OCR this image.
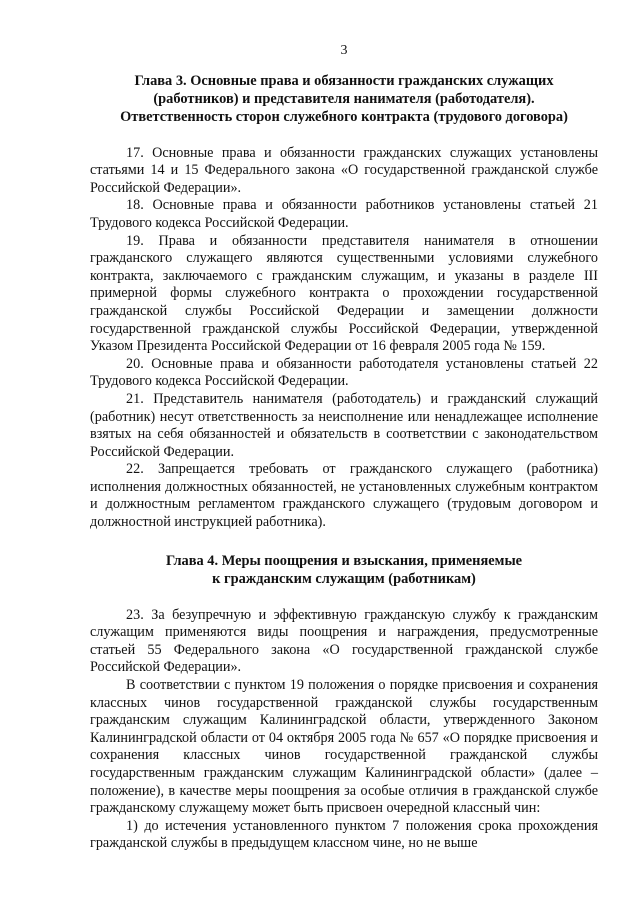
3
Глава 3. Основные права и обязанности гражданских служащих
(работников) и представителя нанимателя (работодателя).
Ответственность сторон служебного контракта (трудового договора)

17. Основные права и обязанности гражданских служащих установлены статьями 14 и 15 Федерального закона «О государственной гражданской службе Российской Федерации».

18. Основные права и обязанности работников установлены статьей 21 Трудового кодекса Российской Федерации.

19. Права и обязанности представителя нанимателя в отношении гражданского служащего являются существенными условиями служебного контракта, заключаемого с гражданским служащим, и указаны в разделе III примерной формы служебного контракта о прохождении государственной гражданской службы Российской Федерации и замещении должности государственной гражданской службы Российской Федерации, утвержденной Указом Президента Российской Федерации от 16 февраля 2005 года № 159.

20. Основные права и обязанности работодателя установлены статьей 22 Трудового кодекса Российской Федерации.

21. Представитель нанимателя (работодатель) и гражданский служащий (работник) несут ответственность за неисполнение или ненадлежащее исполнение взятых на себя обязанностей и обязательств в соответствии с законодательством Российской Федерации.

22. Запрещается требовать от гражданского служащего (работника) исполнения должностных обязанностей, не установленных служебным контрактом и должностным регламентом гражданского служащего (трудовым договором и должностной инструкцией работника).

Глава 4. Меры поощрения и взыскания, применяемые
к гражданским служащим (работникам)

23. За безупречную и эффективную гражданскую службу к гражданским служащим применяются виды поощрения и награждения, предусмотренные статьей 55 Федерального закона «О государственной гражданской службе Российской Федерации».

В соответствии с пунктом 19 положения о порядке присвоения и сохранения классных чинов государственной гражданской службы государственным гражданским служащим Калининградской области, утвержденного Законом Калининградской области от 04 октября 2005 года № 657 «О порядке присвоения и сохранения классных чинов государственной гражданской службы государственным гражданским служащим Калининградской области» (далее – положение), в качестве меры поощрения за особые отличия в гражданской службе гражданскому служащему может быть присвоен очередной классный чин:

1) до истечения установленного пунктом 7 положения срока прохождения гражданской службы в предыдущем классном чине, но не выше
